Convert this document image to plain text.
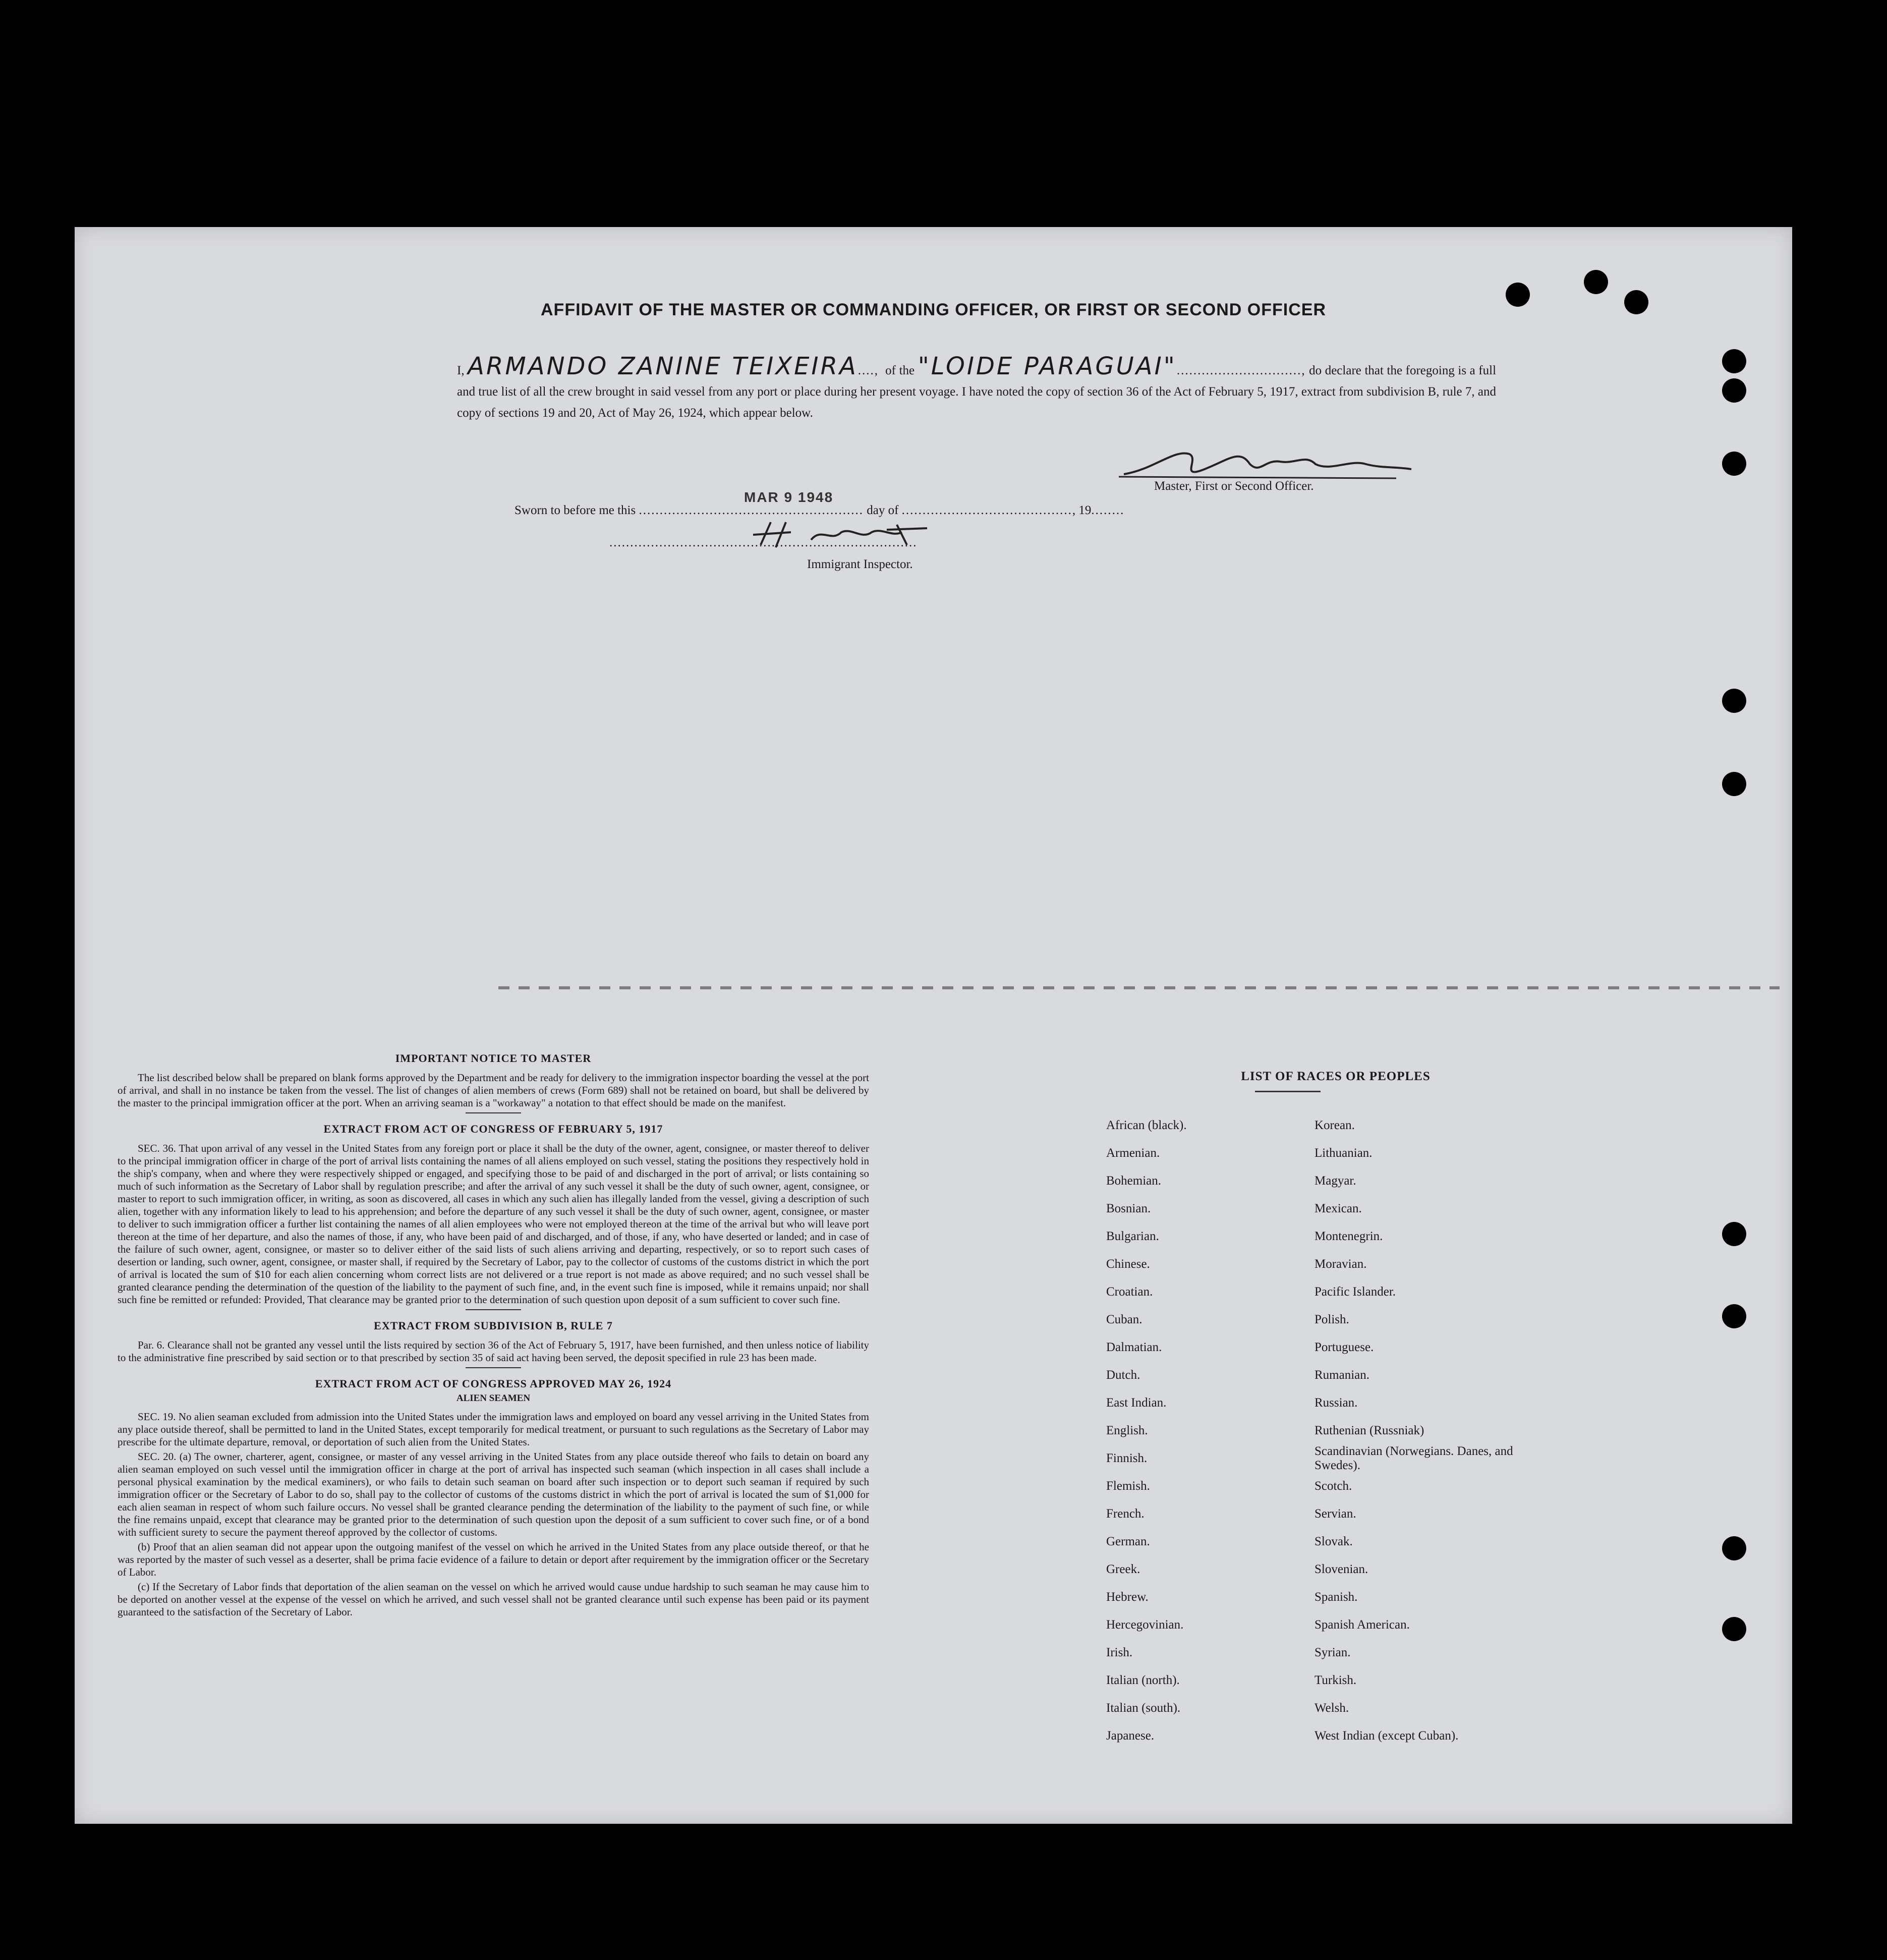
AFFIDAVIT OF THE MASTER OR COMMANDING OFFICER, OR FIRST OR SECOND OFFICER
I, ARMANDO ZANINE TEIXEIRA...., of the "LOIDE PARAGUAI".............................., do declare that the foregoing is a full and true list of all the crew brought in said vessel from any port or place during her present voyage. I have noted the copy of section 36 of the Act of February 5, 1917, extract from subdivision B, rule 7, and copy of sections 19 and 20, Act of May 26, 1924, which appear below.
Master, First or Second Officer.
MAR 9 1948
Sworn to before me this ...................................................... day of ........................................., 19........
..........................................................................
Immigrant Inspector.
IMPORTANT NOTICE TO MASTER

The list described below shall be prepared on blank forms approved by the Department and be ready for delivery to the immigration inspector boarding the vessel at the port of arrival, and shall in no instance be taken from the vessel. The list of changes of alien members of crews (Form 689) shall not be retained on board, but shall be delivered by the master to the principal immigration officer at the port. When an arriving seaman is a "workaway" a notation to that effect should be made on the manifest.

EXTRACT FROM ACT OF CONGRESS OF FEBRUARY 5, 1917

SEC. 36. That upon arrival of any vessel in the United States from any foreign port or place it shall be the duty of the owner, agent, consignee, or master thereof to deliver to the principal immigration officer in charge of the port of arrival lists containing the names of all aliens employed on such vessel, stating the positions they respectively hold in the ship's company, when and where they were respectively shipped or engaged, and specifying those to be paid of and discharged in the port of arrival; or lists containing so much of such information as the Secretary of Labor shall by regulation prescribe; and after the arrival of any such vessel it shall be the duty of such owner, agent, consignee, or master to report to such immigration officer, in writing, as soon as discovered, all cases in which any such alien has illegally landed from the vessel, giving a description of such alien, together with any information likely to lead to his apprehension; and before the departure of any such vessel it shall be the duty of such owner, agent, consignee, or master to deliver to such immigration officer a further list containing the names of all alien employees who were not employed thereon at the time of the arrival but who will leave port thereon at the time of her departure, and also the names of those, if any, who have been paid of and discharged, and of those, if any, who have deserted or landed; and in case of the failure of such owner, agent, consignee, or master so to deliver either of the said lists of such aliens arriving and departing, respectively, or so to report such cases of desertion or landing, such owner, agent, consignee, or master shall, if required by the Secretary of Labor, pay to the collector of customs of the customs district in which the port of arrival is located the sum of $10 for each alien concerning whom correct lists are not delivered or a true report is not made as above required; and no such vessel shall be granted clearance pending the determination of the question of the liability to the payment of such fine, and, in the event such fine is imposed, while it remains unpaid; nor shall such fine be remitted or refunded: Provided, That clearance may be granted prior to the determination of such question upon deposit of a sum sufficient to cover such fine.

EXTRACT FROM SUBDIVISION B, RULE 7

Par. 6. Clearance shall not be granted any vessel until the lists required by section 36 of the Act of February 5, 1917, have been furnished, and then unless notice of liability to the administrative fine prescribed by said section or to that prescribed by section 35 of said act having been served, the deposit specified in rule 23 has been made.

EXTRACT FROM ACT OF CONGRESS APPROVED MAY 26, 1924
ALIEN SEAMEN

SEC. 19. No alien seaman excluded from admission into the United States under the immigration laws and employed on board any vessel arriving in the United States from any place outside thereof, shall be permitted to land in the United States, except temporarily for medical treatment, or pursuant to such regulations as the Secretary of Labor may prescribe for the ultimate departure, removal, or deportation of such alien from the United States.

SEC. 20. (a) The owner, charterer, agent, consignee, or master of any vessel arriving in the United States from any place outside thereof who fails to detain on board any alien seaman employed on such vessel until the immigration officer in charge at the port of arrival has inspected such seaman (which inspection in all cases shall include a personal physical examination by the medical examiners), or who fails to detain such seaman on board after such inspection or to deport such seaman if required by such immigration officer or the Secretary of Labor to do so, shall pay to the collector of customs of the customs district in which the port of arrival is located the sum of $1,000 for each alien seaman in respect of whom such failure occurs. No vessel shall be granted clearance pending the determination of the liability to the payment of such fine, or while the fine remains unpaid, except that clearance may be granted prior to the determination of such question upon the deposit of a sum sufficient to cover such fine, or of a bond with sufficient surety to secure the payment thereof approved by the collector of customs.

(b) Proof that an alien seaman did not appear upon the outgoing manifest of the vessel on which he arrived in the United States from any place outside thereof, or that he was reported by the master of such vessel as a deserter, shall be prima facie evidence of a failure to detain or deport after requirement by the immigration officer or the Secretary of Labor.

(c) If the Secretary of Labor finds that deportation of the alien seaman on the vessel on which he arrived would cause undue hardship to such seaman he may cause him to be deported on another vessel at the expense of the vessel on which he arrived, and such vessel shall not be granted clearance until such expense has been paid or its payment guaranteed to the satisfaction of the Secretary of Labor.

LIST OF RACES OR PEOPLES
African (black).
Armenian.
Bohemian.
Bosnian.
Bulgarian.
Chinese.
Croatian.
Cuban.
Dalmatian.
Dutch.
East Indian.
English.
Finnish.
Flemish.
French.
German.
Greek.
Hebrew.
Hercegovinian.
Irish.
Italian (north).
Italian (south).
Japanese.
Korean.
Lithuanian.
Magyar.
Mexican.
Montenegrin.
Moravian.
Pacific Islander.
Polish.
Portuguese.
Rumanian.
Russian.
Ruthenian (Russniak)
Scandinavian (Norwegians. Danes, and Swedes).
Scotch.
Servian.
Slovak.
Slovenian.
Spanish.
Spanish American.
Syrian.
Turkish.
Welsh.
West Indian (except Cuban).
